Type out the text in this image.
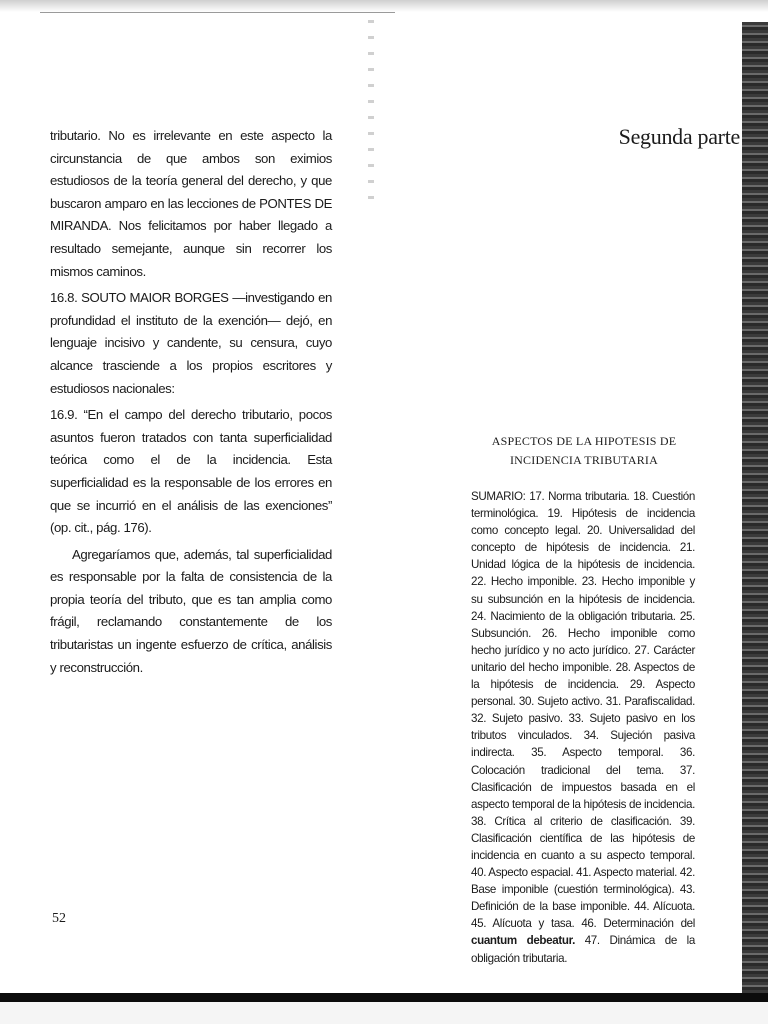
tributario. No es irrelevante en este aspecto la circunstancia de que ambos son eximios estudiosos de la teoría general del derecho, y que buscaron amparo en las lecciones de PONTES DE MIRANDA. Nos felicitamos por haber llegado a resultado semejante, aunque sin recorrer los mismos caminos.

16.8. SOUTO MAIOR BORGES —investigando en profundidad el instituto de la exención— dejó, en lenguaje incisivo y candente, su censura, cuyo alcance trasciende a los propios escritores y estudiosos nacionales:

16.9. “En el campo del derecho tributario, pocos asuntos fueron tratados con tanta superficialidad teórica como el de la incidencia. Esta superficialidad es la responsable de los errores en que se incurrió en el análisis de las exenciones” (op. cit., pág. 176).

Agregaríamos que, además, tal superficialidad es responsable por la falta de consistencia de la propia teoría del tributo, que es tan amplia como frágil, reclamando constantemente de los tributaristas un ingente esfuerzo de crítica, análisis y reconstrucción.

52
Segunda parte
ASPECTOS DE LA HIPOTESIS DE
INCIDENCIA TRIBUTARIA
SUMARIO: 17. Norma tributaria. 18. Cuestión terminológica. 19. Hipótesis de incidencia como concepto legal. 20. Universalidad del concepto de hipótesis de incidencia. 21. Unidad lógica de la hipótesis de incidencia. 22. Hecho imponible. 23. Hecho imponible y su subsunción en la hipótesis de incidencia. 24. Nacimiento de la obligación tributaria. 25. Subsunción. 26. Hecho imponible como hecho jurídico y no acto jurídico. 27. Carácter unitario del hecho imponible. 28. Aspectos de la hipótesis de incidencia. 29. Aspecto personal. 30. Sujeto activo. 31. Parafiscalidad. 32. Sujeto pasivo. 33. Sujeto pasivo en los tributos vinculados. 34. Sujeción pasiva indirecta. 35. Aspecto temporal. 36. Colocación tradicional del tema. 37. Clasificación de impuestos basada en el aspecto temporal de la hipótesis de incidencia. 38. Crítica al criterio de clasificación. 39. Clasificación científica de las hipótesis de incidencia en cuanto a su aspecto temporal. 40. Aspecto espacial. 41. Aspecto material. 42. Base imponible (cuestión terminológica). 43. Definición de la base imponible. 44. Alícuota. 45. Alícuota y tasa. 46. Determinación del cuantum debeatur. 47. Dinámica de la obligación tributaria.
